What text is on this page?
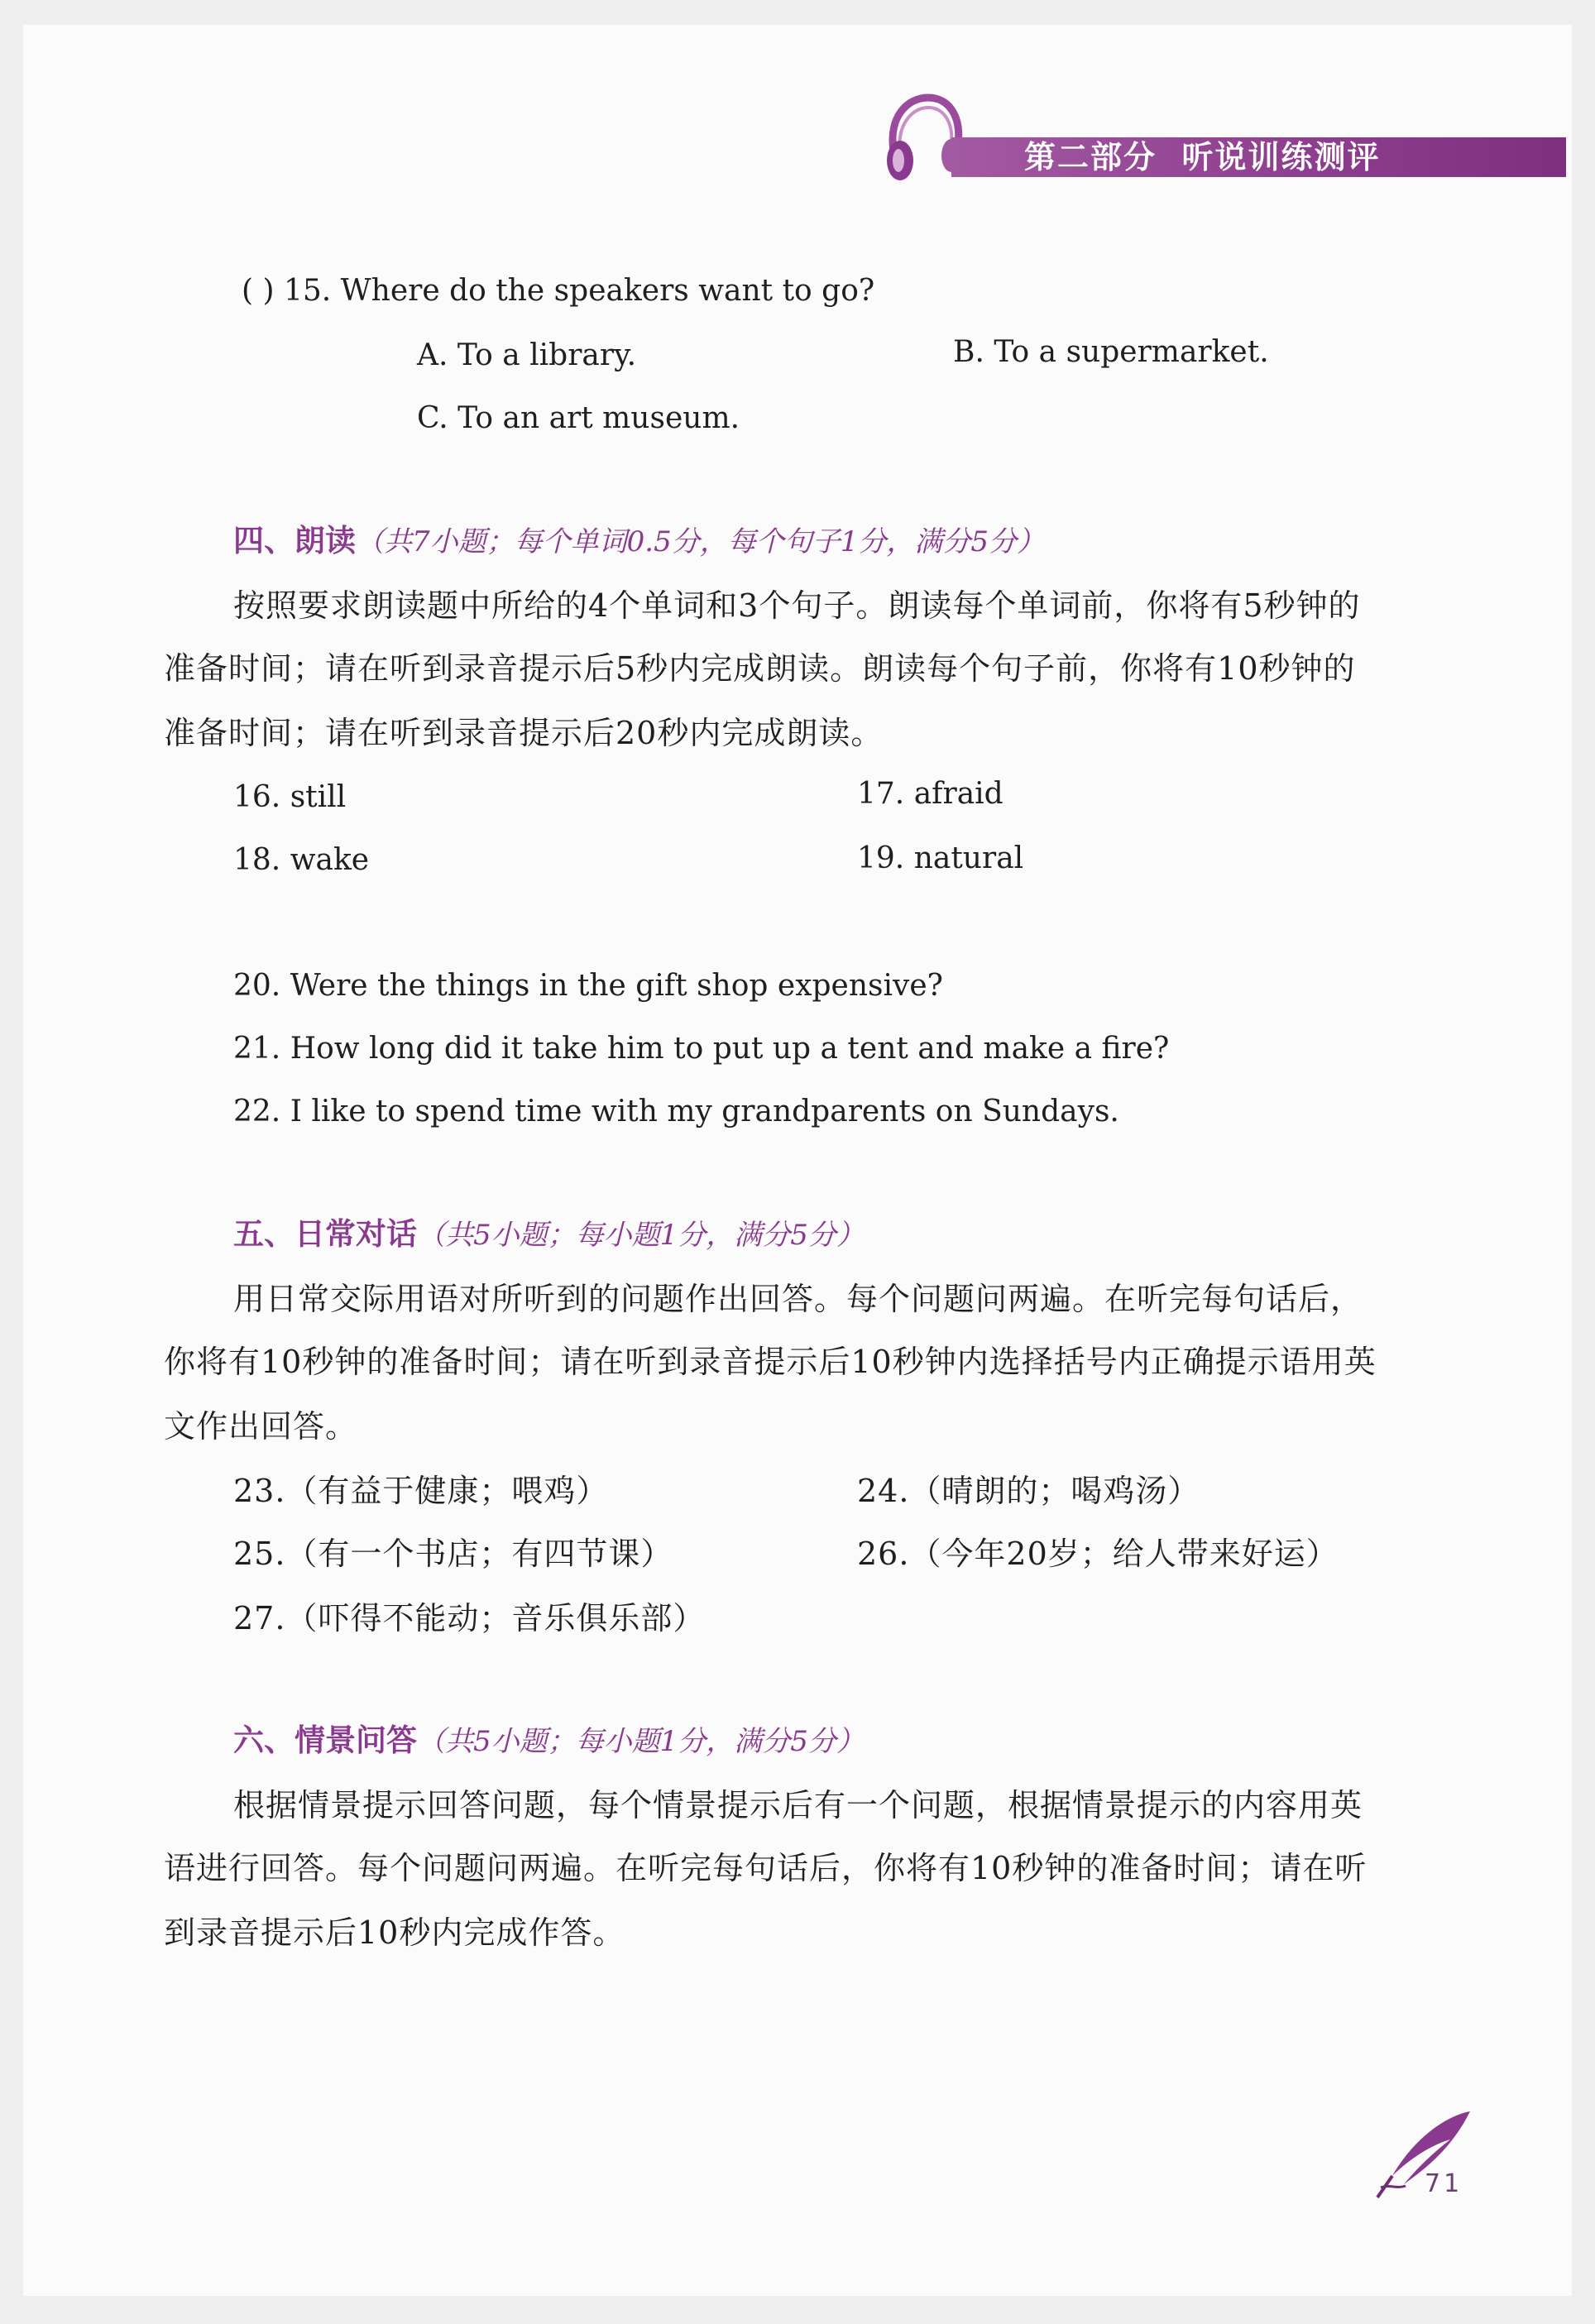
第二部分  听说训练测评
( ) 15. Where do the speakers want to go?
A. To a library.	B. To a supermarket.
C. To an art museum.
四、朗读（共7小题；每个单词0.5分，每个句子1分，满分5分）
按照要求朗读题中所给的4个单词和3个句子。朗读每个单词前，你将有5秒钟的
准备时间；请在听到录音提示后5秒内完成朗读。朗读每个句子前，你将有10秒钟的
准备时间；请在听到录音提示后20秒内完成朗读。
16. still	17. afraid
18. wake	19. natural
20. Were the things in the gift shop expensive?
21. How long did it take him to put up a tent and make a fire?
22. I like to spend time with my grandparents on Sundays.
五、日常对话（共5小题；每小题1分，满分5分）
用日常交际用语对所听到的问题作出回答。每个问题问两遍。在听完每句话后，
你将有10秒钟的准备时间；请在听到录音提示后10秒钟内选择括号内正确提示语用英
文作出回答。
23.（有益于健康；喂鸡）	24.（晴朗的；喝鸡汤）
25.（有一个书店；有四节课）	26.（今年20岁；给人带来好运）
27.（吓得不能动；音乐俱乐部）
六、情景问答（共5小题；每小题1分，满分5分）
根据情景提示回答问题，每个情景提示后有一个问题，根据情景提示的内容用英
语进行回答。每个问题问两遍。在听完每句话后，你将有10秒钟的准备时间；请在听
到录音提示后10秒内完成作答。
71
